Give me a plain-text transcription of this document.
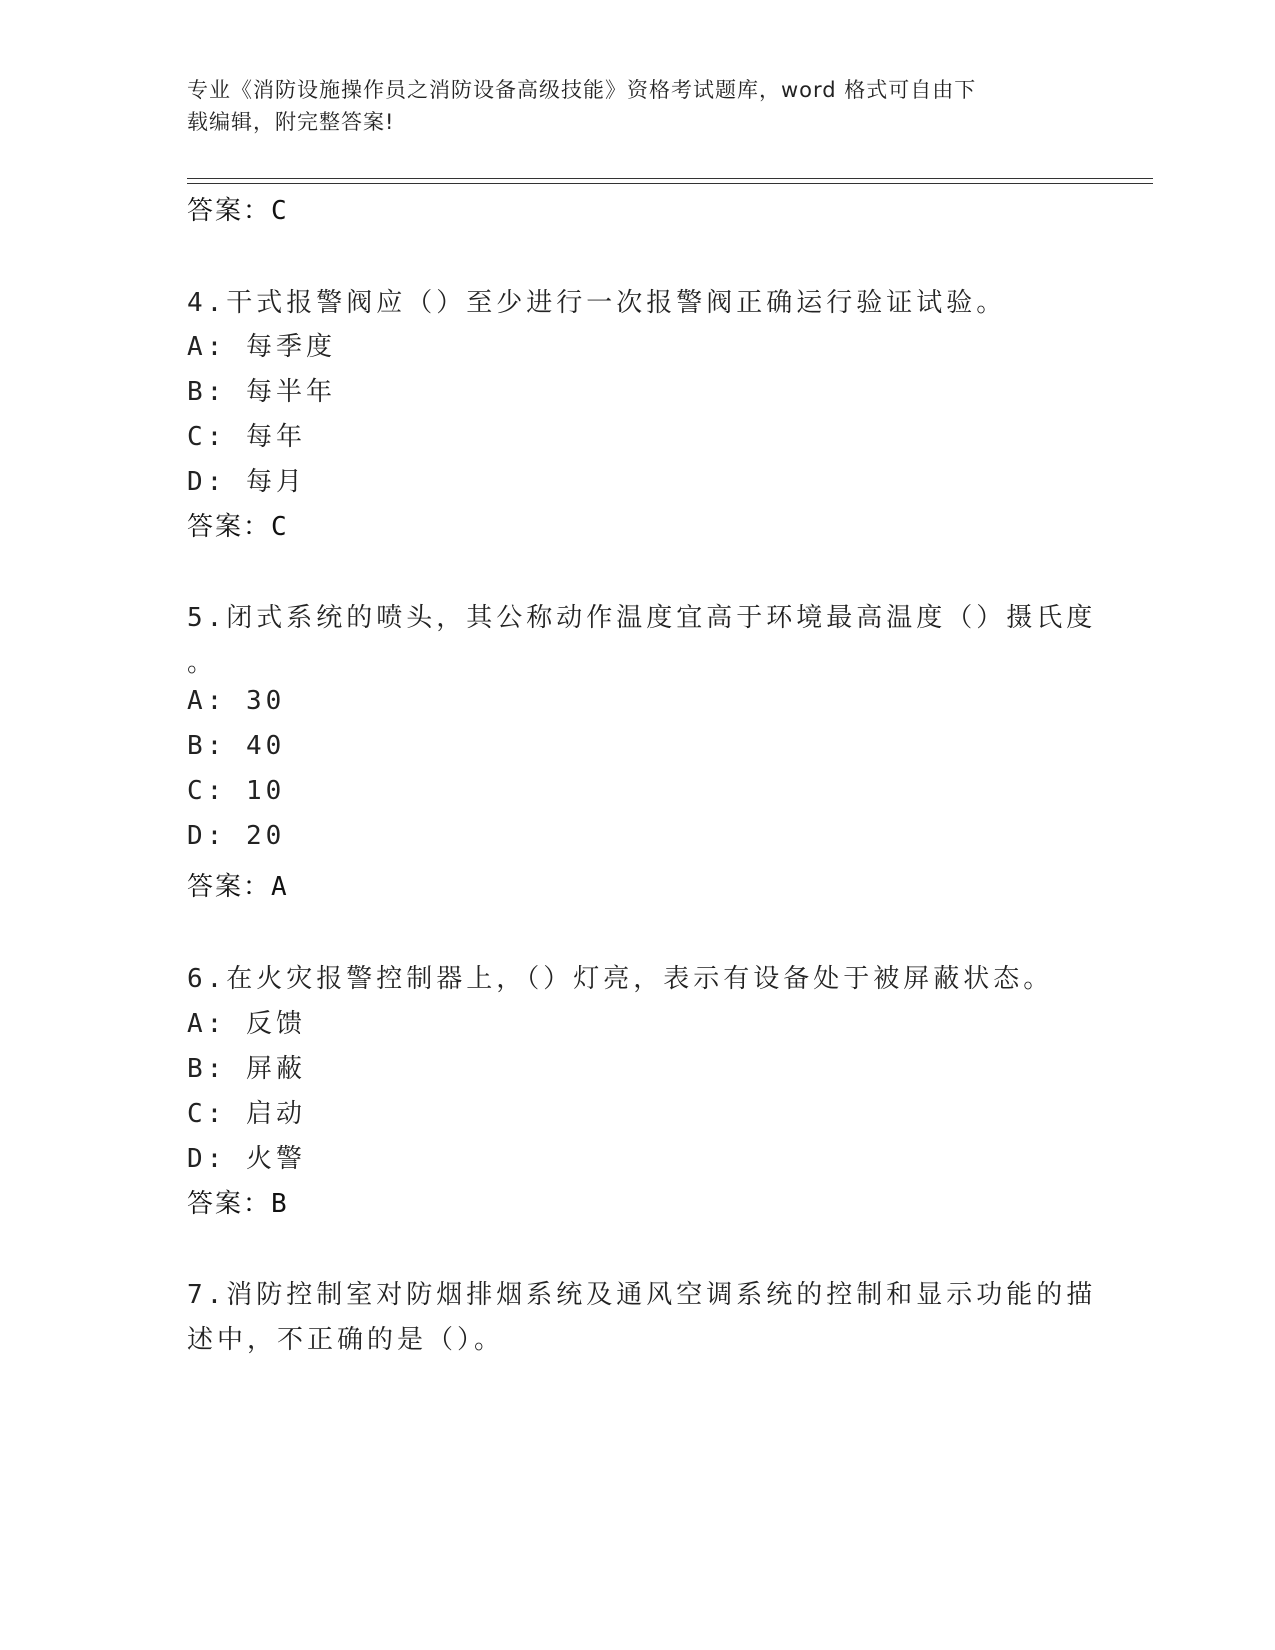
专业《消防设施操作员之消防设备高级技能》资格考试题库，word 格式可自由下
载编辑，附完整答案!
答案：C
4.干式报警阀应（）至少进行一次报警阀正确运行验证试验。
A: 每季度
B: 每半年
C: 每年
D: 每月
答案：C
5.闭式系统的喷头，其公称动作温度宜高于环境最高温度（）摄氏度
。
A: 30
B: 40
C: 10
D: 20
答案：A
6.在火灾报警控制器上，（）灯亮，表示有设备处于被屏蔽状态。
A: 反馈
B: 屏蔽
C: 启动
D: 火警
答案：B
7.消防控制室对防烟排烟系统及通风空调系统的控制和显示功能的描
述中，不正确的是（）。
